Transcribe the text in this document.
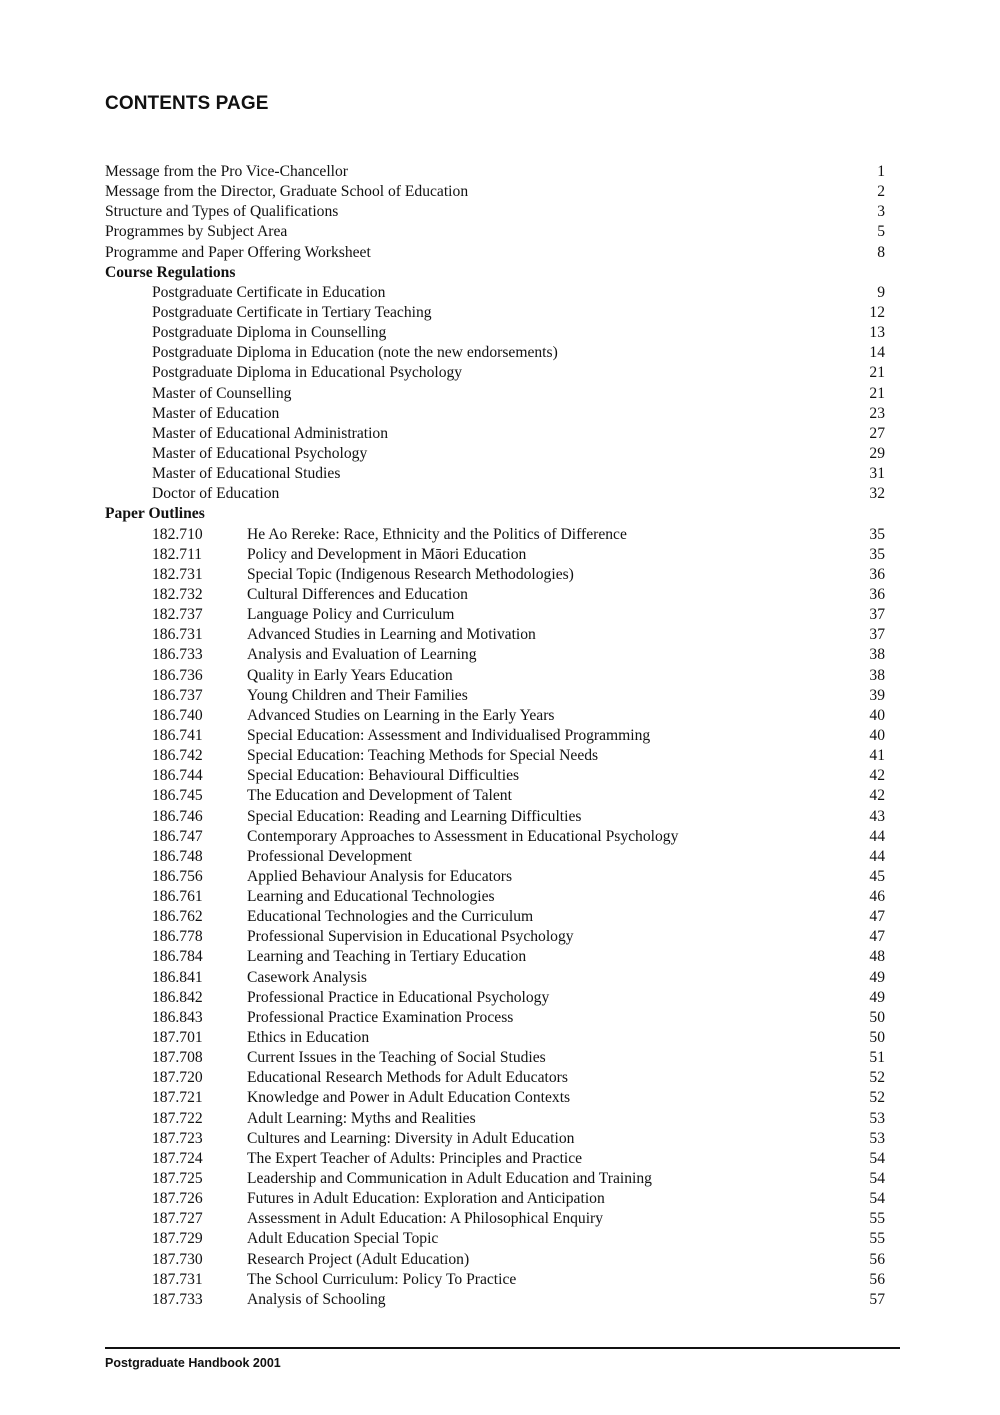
CONTENTS PAGE
Message from the Pro Vice-Chancellor	1
Message from the Director, Graduate School of Education	2
Structure and Types of Qualifications	3
Programmes by Subject Area	5
Programme and Paper Offering Worksheet	8
Course Regulations
Postgraduate Certificate in Education	9
Postgraduate Certificate in Tertiary Teaching	12
Postgraduate Diploma in Counselling	13
Postgraduate Diploma in Education (note the new endorsements)	14
Postgraduate Diploma in Educational Psychology	21
Master of Counselling	21
Master of Education	23
Master of Educational Administration	27
Master of Educational Psychology	29
Master of Educational Studies	31
Doctor of Education	32
Paper Outlines
182.710	He Ao Rereke: Race, Ethnicity and the Politics of Difference	35
182.711	Policy and Development in Māori Education	35
182.731	Special Topic (Indigenous Research Methodologies)	36
182.732	Cultural Differences and Education	36
182.737	Language Policy and Curriculum	37
186.731	Advanced Studies in Learning and Motivation	37
186.733	Analysis and Evaluation of Learning	38
186.736	Quality in Early Years Education	38
186.737	Young Children and Their Families	39
186.740	Advanced Studies on Learning in the Early Years	40
186.741	Special Education: Assessment and Individualised Programming	40
186.742	Special Education: Teaching Methods for Special Needs	41
186.744	Special Education: Behavioural Difficulties	42
186.745	The Education and Development of Talent	42
186.746	Special Education: Reading and Learning Difficulties	43
186.747	Contemporary Approaches to Assessment in Educational Psychology	44
186.748	Professional Development	44
186.756	Applied Behaviour Analysis for Educators	45
186.761	Learning and Educational Technologies	46
186.762	Educational Technologies and the Curriculum	47
186.778	Professional Supervision in Educational Psychology	47
186.784	Learning and Teaching in Tertiary Education	48
186.841	Casework Analysis	49
186.842	Professional Practice in Educational Psychology	49
186.843	Professional Practice Examination Process	50
187.701	Ethics in Education	50
187.708	Current Issues in the Teaching of Social Studies	51
187.720	Educational Research Methods for Adult Educators	52
187.721	Knowledge and Power in Adult Education Contexts	52
187.722	Adult Learning: Myths and Realities	53
187.723	Cultures and Learning: Diversity in Adult Education	53
187.724	The Expert Teacher of Adults: Principles and Practice	54
187.725	Leadership and Communication in Adult Education and Training	54
187.726	Futures in Adult Education: Exploration and Anticipation	54
187.727	Assessment in Adult Education: A Philosophical Enquiry	55
187.729	Adult Education Special Topic	55
187.730	Research Project (Adult Education)	56
187.731	The School Curriculum: Policy To Practice	56
187.733	Analysis of Schooling	57
Postgraduate Handbook 2001
